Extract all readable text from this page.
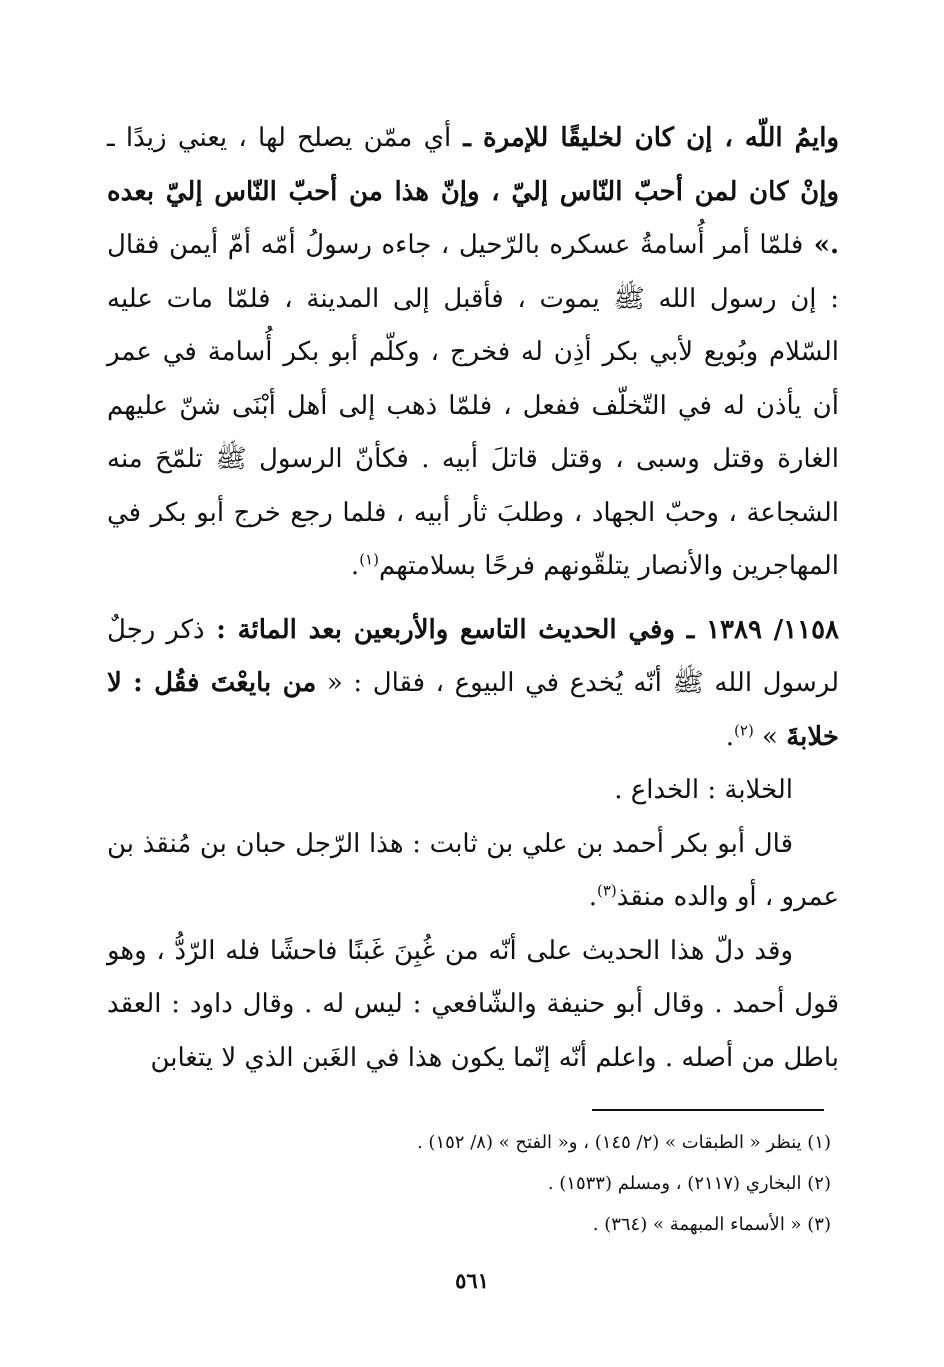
وايمُ اللّه ، إن كان لخليقًا للإمرة ـ أي ممّن يصلح لها ، يعني زيدًا ـ وإنْ كان لمن أحبّ النّاس إليّ ، وإنّ هذا من أحبّ النّاس إليّ بعده .» فلمّا أمر أُسامةُ عسكره بالرّحيل ، جاءه رسولُ أمّه أمّ أيمن فقال : إن رسول الله ﷺ يموت ، فأقبل إلى المدينة ، فلمّا مات عليه السّلام وبُويع لأبي بكر أذِن له فخرج ، وكلّم أبو بكر أُسامة في عمر أن يأذن له في التّخلّف ففعل ، فلمّا ذهب إلى أهل أبْنَى شنّ عليهم الغارة وقتل وسبى ، وقتل قاتلَ أبيه . فكأنّ الرسول ﷺ تلمّحَ منه الشجاعة ، وحبّ الجهاد ، وطلبَ ثأر أبيه ، فلما رجع خرج أبو بكر في المهاجرين والأنصار يتلقّونهم فرحًا بسلامتهم$^{(١)}$.

١١٥٨/ ١٣٨٩ ـ وفي الحديث التاسع والأربعين بعد المائة : ذكر رجلٌ لرسول الله ﷺ أنّه يُخدع في البيوع ، فقال : « من بايعْتَ فقُل : لا خلابةَ » $^{(٢)}$.

الخلابة : الخداع .

قال أبو بكر أحمد بن علي بن ثابت : هذا الرّجل حبان بن مُنقذ بن عمرو ، أو والده منقذ$^{(٣)}$.

وقد دلّ هذا الحديث على أنّه من غُبِنَ غَبنًا فاحشًا فله الرّدُّ ، وهو قول أحمد . وقال أبو حنيفة والشّافعي : ليس له . وقال داود : العقد باطل من أصله . واعلم أنّه إنّما يكون هذا في الغَبن الذي لا يتغابن

(١) ينظر « الطبقات » (٢/ ١٤٥) ، و« الفتح » (٨/ ١٥٢) .
(٢) البخاري (٢١١٧) ، ومسلم (١٥٣٣) .
(٣) « الأسماء المبهمة » (٣٦٤) .
٥٦١
